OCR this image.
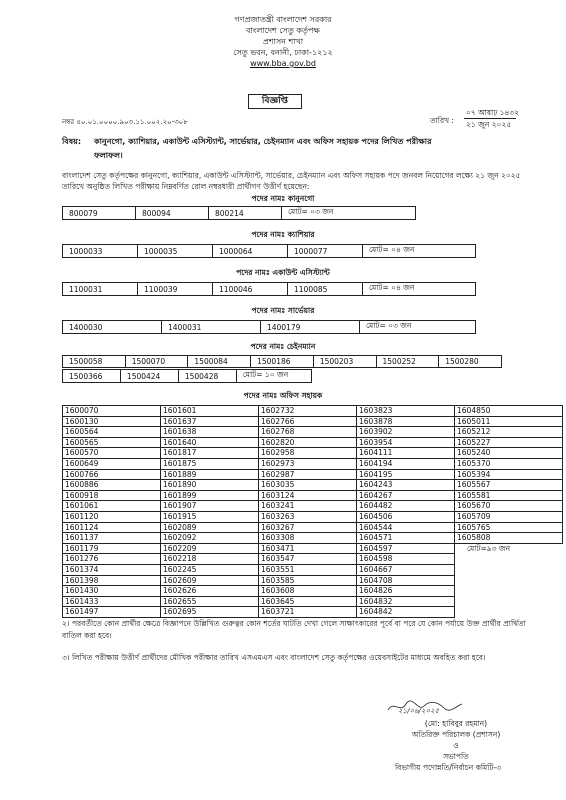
গণপ্রজাতন্ত্রী বাংলাদেশ সরকার
বাংলাদেশ সেতু কর্তৃপক্ষ
প্রশাসন শাখা
সেতু ভবন, বনানী, ঢাকা-১২১২
www.bba.gov.bd
বিজ্ঞপ্তি
নম্বর ৫০.০১.০০০০.৯০৩.১১.০০২.২০-৩০৮	তারিখ :
০৭ আষাঢ় ১৪৩২
২১ জুন ২০২৫
বিষয়: কানুনগো, ক্যাশিয়ার, একাউন্ট এসিস্ট্যান্ট, সার্ভেয়ার, চেইনম্যান এবং অফিস সহায়ক পদের লিখিত পরীক্ষার
ফলাফল।
বাংলাদেশ সেতু কর্তৃপক্ষের কানুনগো, ক্যাশিয়ার, একাউন্ট এসিস্ট্যান্ট, সার্ভেয়ার, চেইনম্যান এবং অফিস সহায়ক পদে জনবল নিয়োগের লক্ষ্যে ২১ জুন ২০২৫ তারিখে অনুষ্ঠিত লিখিত পরীক্ষায় নিম্নবর্ণিত রোল নম্বরধারী প্রার্থীগণ উত্তীর্ণ হয়েছেন:
পদের নামঃ কানুনগো
800079	800094	800214	মোট= ০৩ জন
পদের নামঃ ক্যাশিয়ার
1000033	1000035	1000064	1000077	মোট= ০৪ জন
পদের নামঃ একাউন্ট এসিস্ট্যান্ট
1100031	1100039	1100046	1100085	মোট= ০৪ জন
পদের নামঃ সার্ভেয়ার
1400030	1400031	1400179	মোট= ০৩ জন
পদের নামঃ চেইনম্যান
1500058	1500070	1500084	1500186	1500203	1500252	1500280
1500366	1500424	1500428	মোট= ১০ জন
পদের নামঃ অফিস সহায়ক
1600070	1601601	1602732	1603823	1604850
1600130	1601637	1602766	1603878	1605011
1600564	1601638	1602768	1603902	1605212
1600565	1601640	1602820	1603954	1605227
1600570	1601817	1602958	1604111	1605240
1600649	1601875	1602973	1604194	1605370
1600766	1601889	1602987	1604195	1605394
1600886	1601890	1603035	1604243	1605567
1600918	1601899	1603124	1604267	1605581
1601061	1601907	1603241	1604482	1605670
1601120	1601915	1603263	1604506	1605709
1601124	1602089	1603267	1604544	1605765
1601137	1602092	1603308	1604571	1605808
1601179	1602209	1603471	1604597	মোট=৯৩ জন
1601276	1602218	1603547	1604598	
1601374	1602245	1603551	1604667	
1601398	1602609	1603585	1604708	
1601430	1602626	1603608	1604826	
1601433	1602655	1603645	1604832	
1601497	1602695	1603721	1604842	
২। পরবর্তীতে কোন প্রার্থীর ক্ষেত্রে বিজ্ঞাপনে উল্লিখিত গুরুত্বর কোন শর্তের ঘাটতি দেখা গেলে সাক্ষাৎকারের পূর্বে বা পরে যে কোন পর্যায়ে উক্ত প্রার্থীর প্রার্থিতা বাতিল করা হবে।
৩। লিখিত পরীক্ষায় উত্তীর্ণ প্রার্থীদের মৌখিক পরীক্ষার তারিখ এসএমএস এবং বাংলাদেশ সেতু কর্তৃপক্ষের ওয়েবসাইটের মাধ্যমে অবহিত করা হবে।
২১/০৬/২০২৫
(মো: হাবিবুর রহমান)
অতিরিক্ত পরিচালক (প্রশাসন)
ও
সভাপতি
বিভাগীয় পদোন্নতি/নির্বাচন কমিটি-৩
